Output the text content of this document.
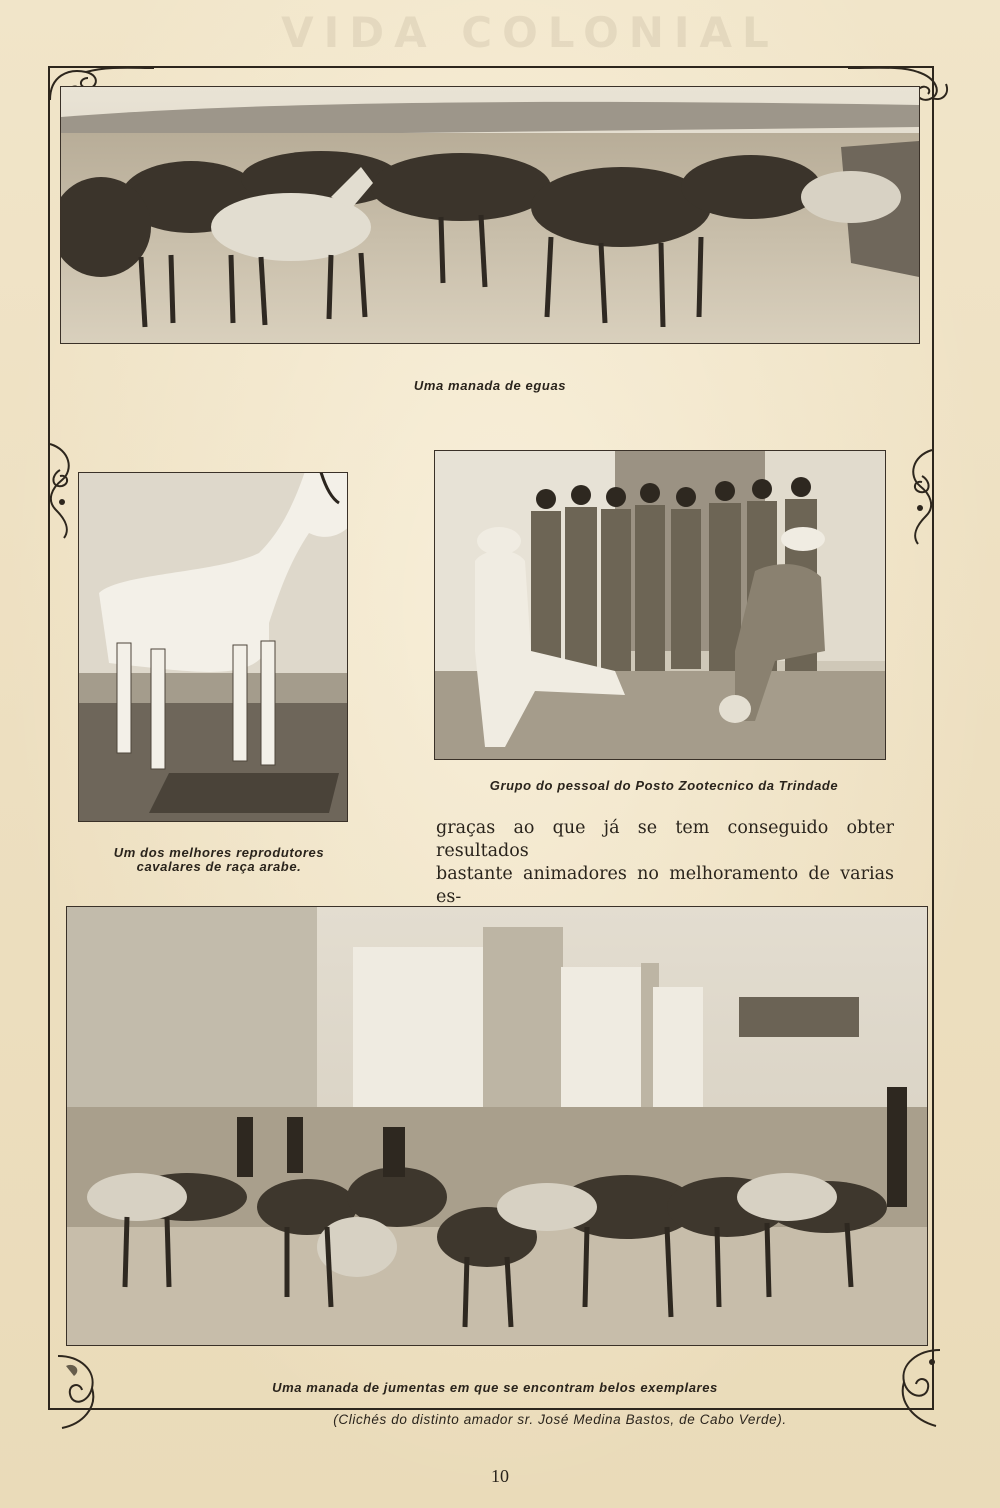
VIDA COLONIAL
Uma manada de eguas
Um dos melhores reprodutores
cavalares de raça arabe.
Grupo do pessoal do Posto Zootecnico da Trindade
graças ao que já se tem conseguido obter resultados
bastante animadores no melhoramento de varias es-
Uma manada de jumentas em que se encontram belos exemplares
(Clichés do distinto amador sr. José Medina Bastos, de Cabo Verde).
10
